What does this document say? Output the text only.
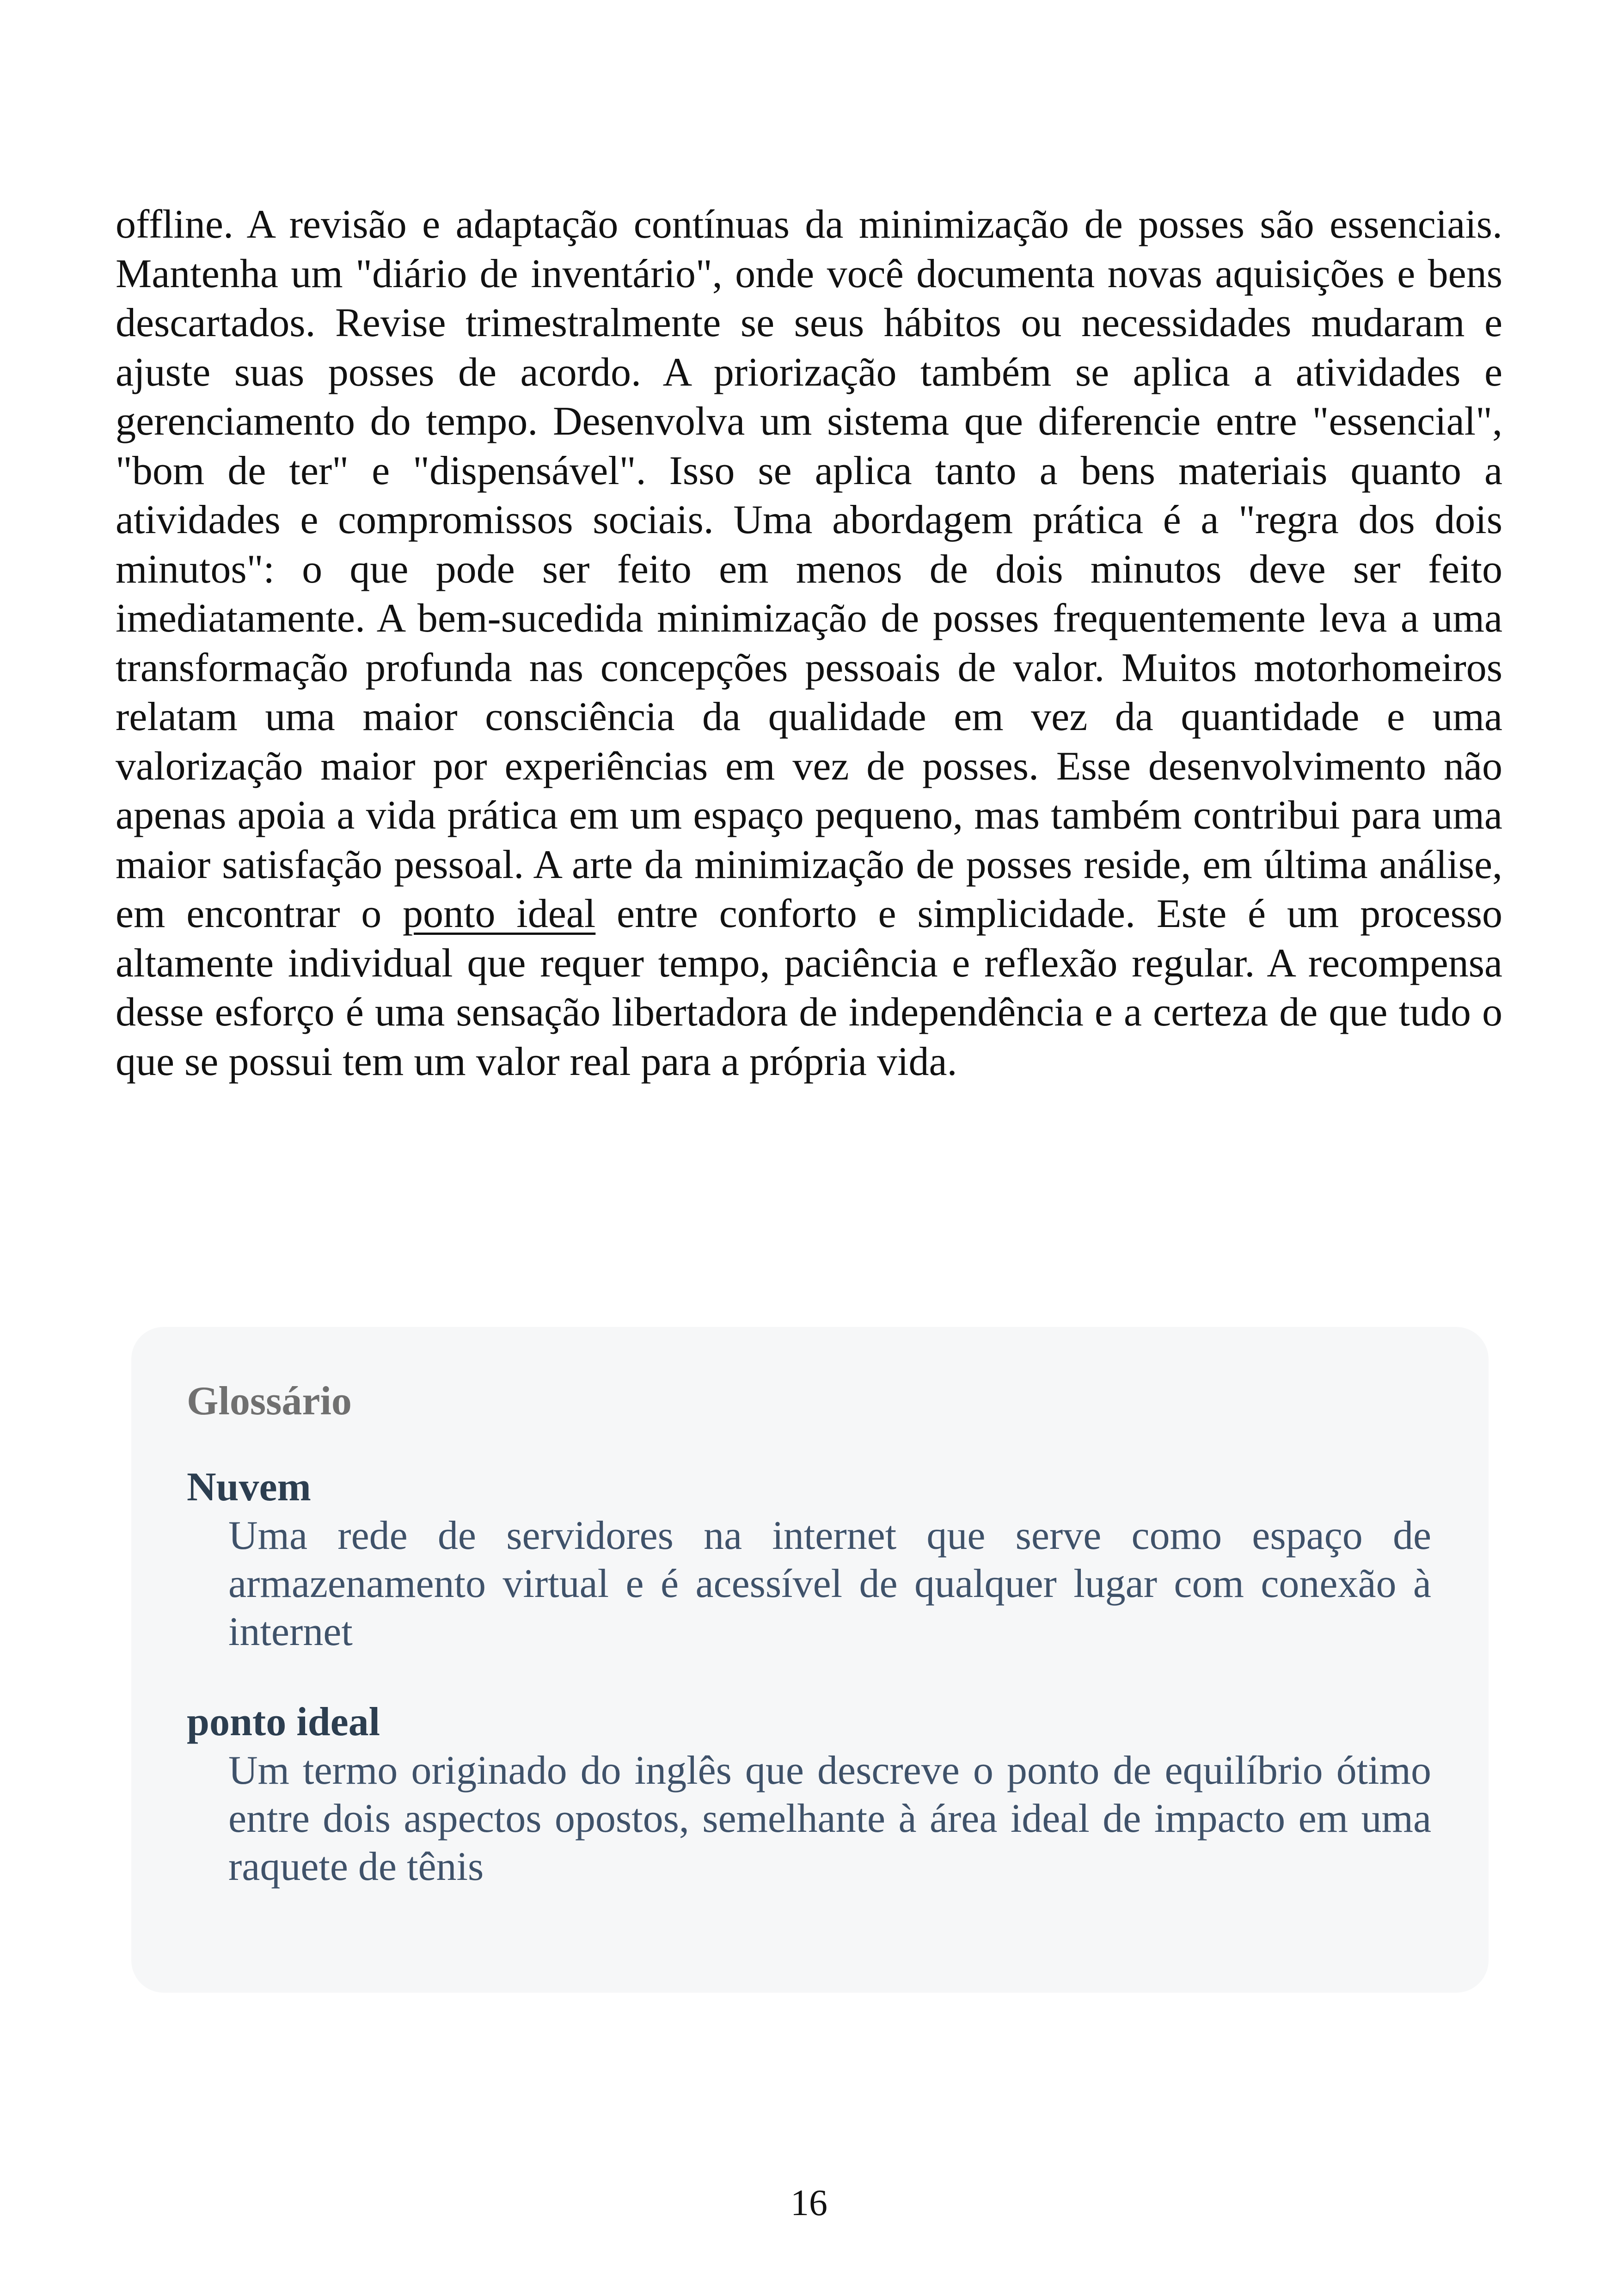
offline. A revisão e adaptação contínuas da minimização de posses são essenciais. Mantenha um "diário de inventário", onde você documenta novas aquisições e bens descartados. Revise trimestralmente se seus hábitos ou necessidades mudaram e ajuste suas posses de acordo. A priorização também se aplica a atividades e gerenciamento do tempo. Desenvolva um sistema que diferencie entre "essencial", "bom de ter" e "dispensável". Isso se aplica tanto a bens materiais quanto a atividades e compromissos sociais. Uma abordagem prática é a "regra dos dois minutos": o que pode ser feito em menos de dois minutos deve ser feito imediatamente. A bem-sucedida minimização de posses frequentemente leva a uma transformação profunda nas concepções pessoais de valor. Muitos motorhomeiros relatam uma maior consciência da qualidade em vez da quantidade e uma valorização maior por experiências em vez de posses. Esse desenvolvimento não apenas apoia a vida prática em um espaço pequeno, mas também contribui para uma maior satisfação pessoal. A arte da minimização de posses reside, em última análise, em encontrar o ponto ideal entre conforto e simplicidade. Este é um processo altamente individual que requer tempo, paciência e reflexão regular. A recompensa desse esforço é uma sensação libertadora de independência e a certeza de que tudo o que se possui tem um valor real para a própria vida.

Glossário

Nuvem

Uma rede de servidores na internet que serve como espaço de armazenamento virtual e é acessível de qualquer lugar com conexão à internet

ponto ideal

Um termo originado do inglês que descreve o ponto de equilíbrio ótimo entre dois aspectos opostos, semelhante à área ideal de impacto em uma raquete de tênis

16
